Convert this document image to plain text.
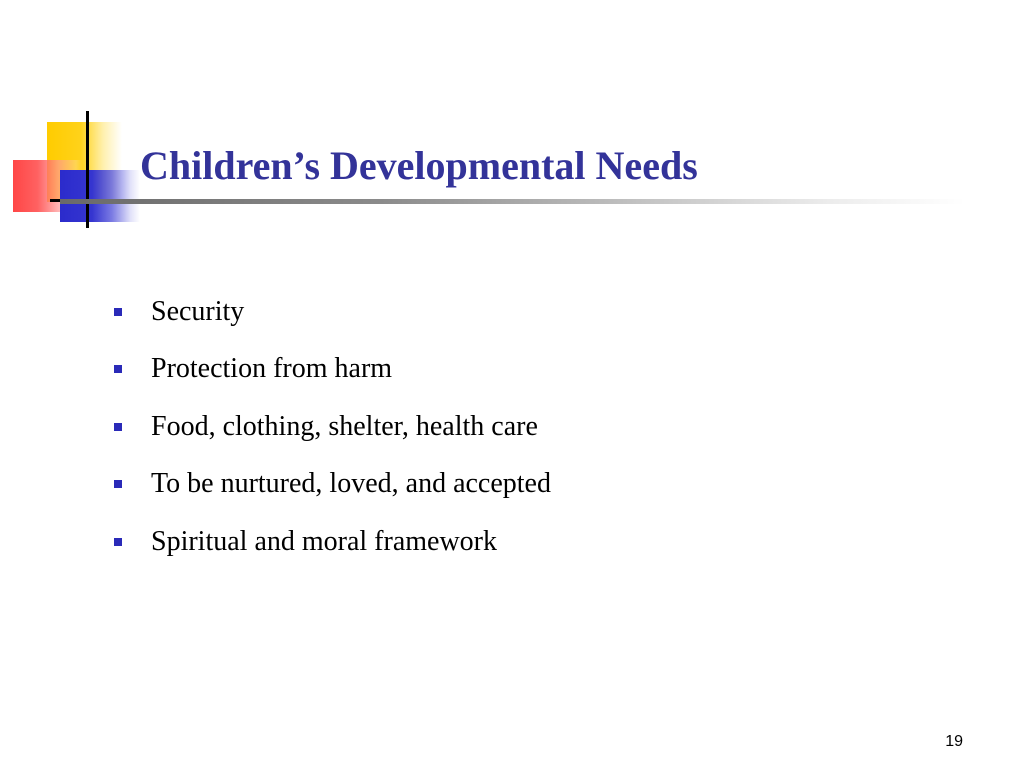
Children’s Developmental Needs
Security
Protection from harm
Food, clothing, shelter, health care
To be nurtured, loved, and accepted
Spiritual and moral framework
19
